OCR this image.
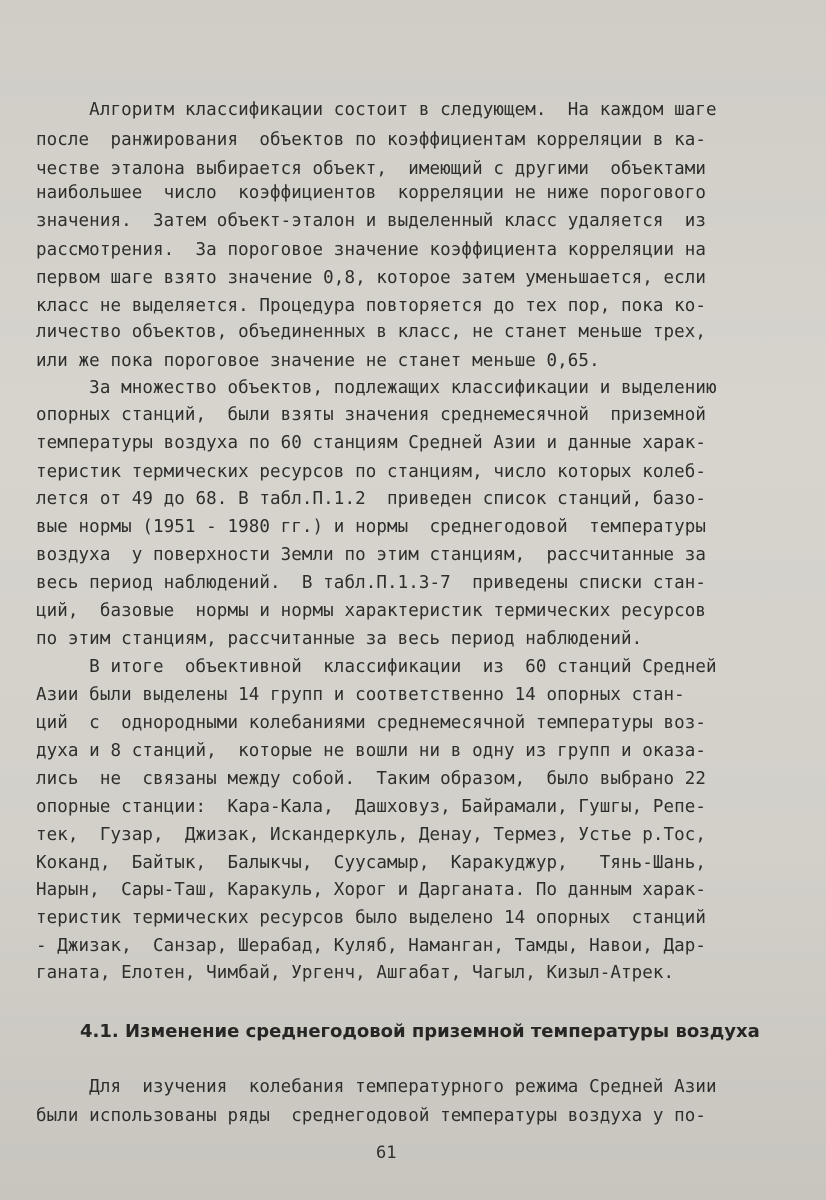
Алгоритм классификации состоит в следующем.  На каждом шаге
после  ранжирования  объектов по коэффициентам корреляции в ка-
честве эталона выбирается объект,  имеющий с другими  объектами
наибольшее  число  коэффициентов  корреляции не ниже порогового
значения.  Затем объект-эталон и выделенный класс удаляется  из
рассмотрения.  За пороговое значение коэффициента корреляции на
первом шаге взято значение 0,8, которое затем уменьшается, если
класс не выделяется. Процедура повторяется до тех пор, пока ко-
личество объектов, объединенных в класс, не станет меньше трех,
или же пока пороговое значение не станет меньше 0,65.
За множество объектов, подлежащих классификации и выделению
опорных станций,  были взяты значения среднемесячной  приземной
температуры воздуха по 60 станциям Средней Азии и данные харак-
теристик термических ресурсов по станциям, число которых колеб-
лется от 49 до 68. В табл.П.1.2  приведен список станций, базо-
вые нормы (1951 - 1980 гг.) и нормы  среднегодовой  температуры
воздуха  у поверхности Земли по этим станциям,  рассчитанные за
весь период наблюдений.  В табл.П.1.3-7  приведены списки стан-
ций,  базовые  нормы и нормы характеристик термических ресурсов
по этим станциям, рассчитанные за весь период наблюдений.
В итоге  объективной  классификации  из  60 станций Средней
Азии были выделены 14 групп и соответственно 14 опорных стан-
ций  с  однородными колебаниями среднемесячной температуры воз-
духа и 8 станций,  которые не вошли ни в одну из групп и оказа-
лись  не  связаны между собой.  Таким образом,  было выбрано 22
опорные станции:  Кара-Кала,  Дашховуз, Байрамали, Гушгы, Репе-
тек,  Гузар,  Джизак, Искандеркуль, Денау, Термез, Устье р.Тос,
Коканд,  Байтык,  Балыкчы,  Суусамыр,  Каракуджур,   Тянь-Шань,
Нарын,  Сары-Таш, Каракуль, Хорог и Дарганата. По данным харак-
теристик термических ресурсов было выделено 14 опорных  станций
- Джизак,  Санзар, Шерабад, Куляб, Наманган, Тамды, Навои, Дар-
ганата, Елотен, Чимбай, Ургенч, Ашгабат, Чагыл, Кизыл-Атрек.
4.1. Изменение среднегодовой приземной температуры воздуха
Для  изучения  колебания температурного режима Средней Азии
были использованы ряды  среднегодовой температуры воздуха у по-
61
